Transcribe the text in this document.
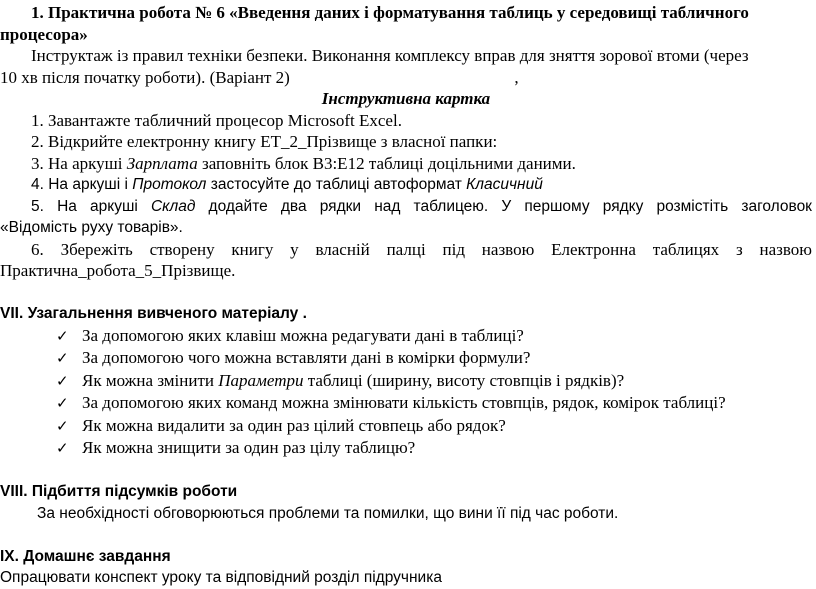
1. Практична робота № 6 «Введення даних і форматування таблиць у середовищі табличного
процесора»
Інструктаж із правил техніки безпеки. Виконання комплексу вправ для зняття зорової втоми (через
10 хв після початку роботи). (Варіант 2)	,
Інструктивна картка
1. Завантажте табличний процесор Microsoft Excel.
2. Відкрийте електронну книгу ЕТ_2_Прізвище з власної папки:
3. На аркуші Зарплата заповніть блок В3:Е12 таблиці доцільними даними.
4. На аркуші і Протокол застосуйте до таблиці автоформат Класичний
5. На аркуші Склад додайте два рядки над таблицею. У першому рядку розмістіть заголовок
«Відомість руху товарів».
6. Збережіть створену книгу у власній палці під назвою Електронна таблицях з назвою
Практична_робота_5_Прізвище.
VІІ. Узагальнення вивченого матеріалу .
✓ За допомогою яких клавіш можна редагувати дані в таблиці?
✓ За допомогою чого можна вставляти дані в комірки формули?
✓ Як можна змінити Параметри таблиці (ширину, висоту стовпців і рядків)?
✓ За допомогою яких команд можна змінювати кількість стовпців, рядок, комірок таблиці?
✓ Як можна видалити за один раз цілий стовпець або рядок?
✓ Як можна знищити за один раз цілу таблицю?
VІІІ. Підбиття підсумків роботи
За необхідності обговорюються проблеми та помилки, що вини її під час роботи.
ІХ. Домашнє завдання
Опрацювати конспект уроку та відповідний розділ підручника
